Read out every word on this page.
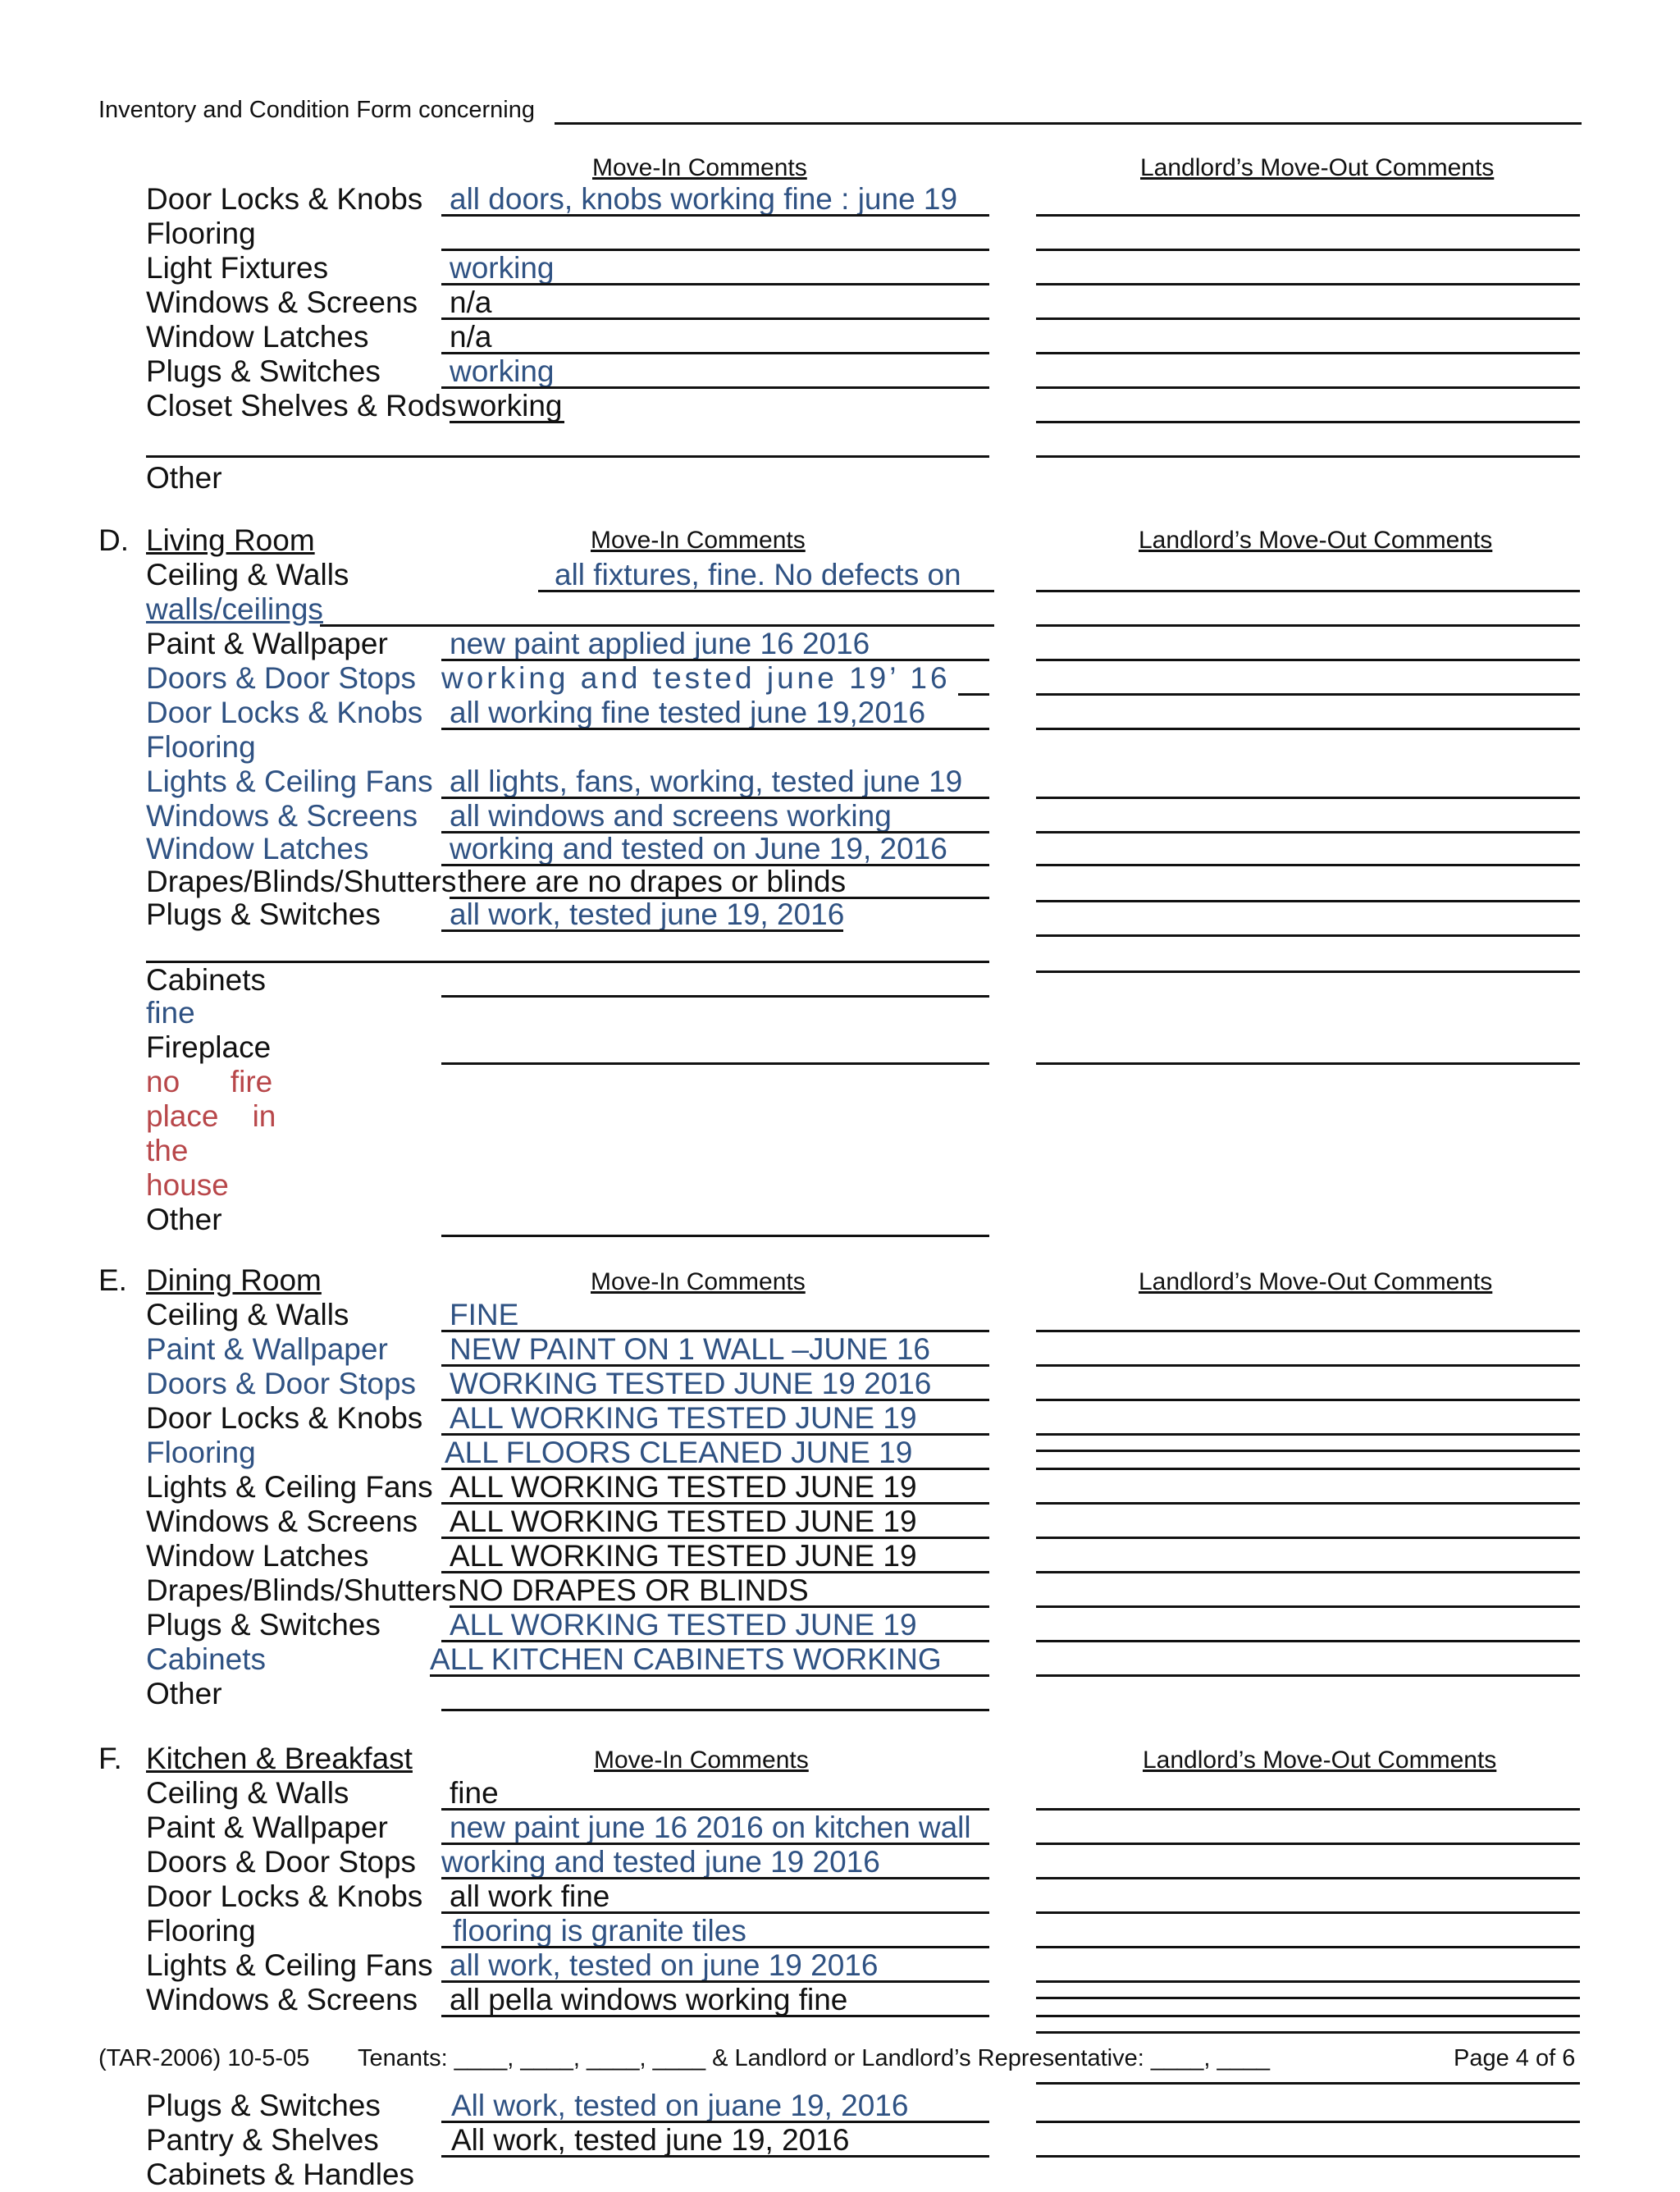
Inventory and Condition Form concerning
Move-In Comments	Landlord’s Move-Out Comments
Door Locks & Knobs all doors, knobs working fine : june 19
Flooring
Light Fixtures	working
Windows & Screens n/a
Window Latches	n/a
Plugs & Switches working
Closet Shelves & Rods working
Other
D. Living Room	Move-In Comments	Landlord’s Move-Out Comments
Ceiling & Walls	all fixtures, fine. No defects on
walls/ceilings
Paint & Wallpaper new paint applied june 16 2016
Doors & Door Stops working and tested june 19’ 16
Door Locks & Knobs all working fine tested june 19,2016
Flooring
Lights & Ceiling Fans all lights, fans, working, tested june 19
Windows & Screens all windows and screens working
Window Latches	working and tested on June 19, 2016
Drapes/Blinds/Shutters there are no drapes or blinds
Plugs & Switches all work, tested june 19, 2016
Cabinets
fine
Fireplace
no      fire
place    in
the
house
Other
E. Dining Room	Move-In Comments	Landlord’s Move-Out Comments
Ceiling & Walls	FINE
Paint & Wallpaper NEW PAINT ON 1 WALL –JUNE 16
Doors & Door Stops WORKING TESTED JUNE 19 2016
Door Locks & Knobs ALL WORKING TESTED JUNE 19
Flooring	ALL FLOORS CLEANED JUNE 19
Lights & Ceiling Fans ALL WORKING TESTED JUNE 19
Windows & Screens ALL WORKING TESTED JUNE 19
Window Latches	ALL WORKING TESTED JUNE 19
Drapes/Blinds/Shutters NO DRAPES OR BLINDS
Plugs & Switches ALL WORKING TESTED JUNE 19
Cabinets	ALL KITCHEN CABINETS WORKING
Other
F. Kitchen & Breakfast	Move-In Comments	Landlord’s Move-Out Comments
Ceiling & Walls	fine
Paint & Wallpaper new paint june 16 2016 on kitchen wall
Doors & Door Stops working and tested june 19 2016
Door Locks & Knobs all work fine
Flooring	flooring is granite tiles
Lights & Ceiling Fans all work, tested on june 19 2016
Windows & Screens all pella windows working fine
(TAR-2006) 10-5-05 Tenants: ____, ____, ____, ____ & Landlord or Landlord’s Representative: ____, ____	Page 4 of 6
Plugs & Switches All work, tested on juane 19, 2016
Pantry & Shelves All work, tested june 19, 2016
Cabinets & Handles
